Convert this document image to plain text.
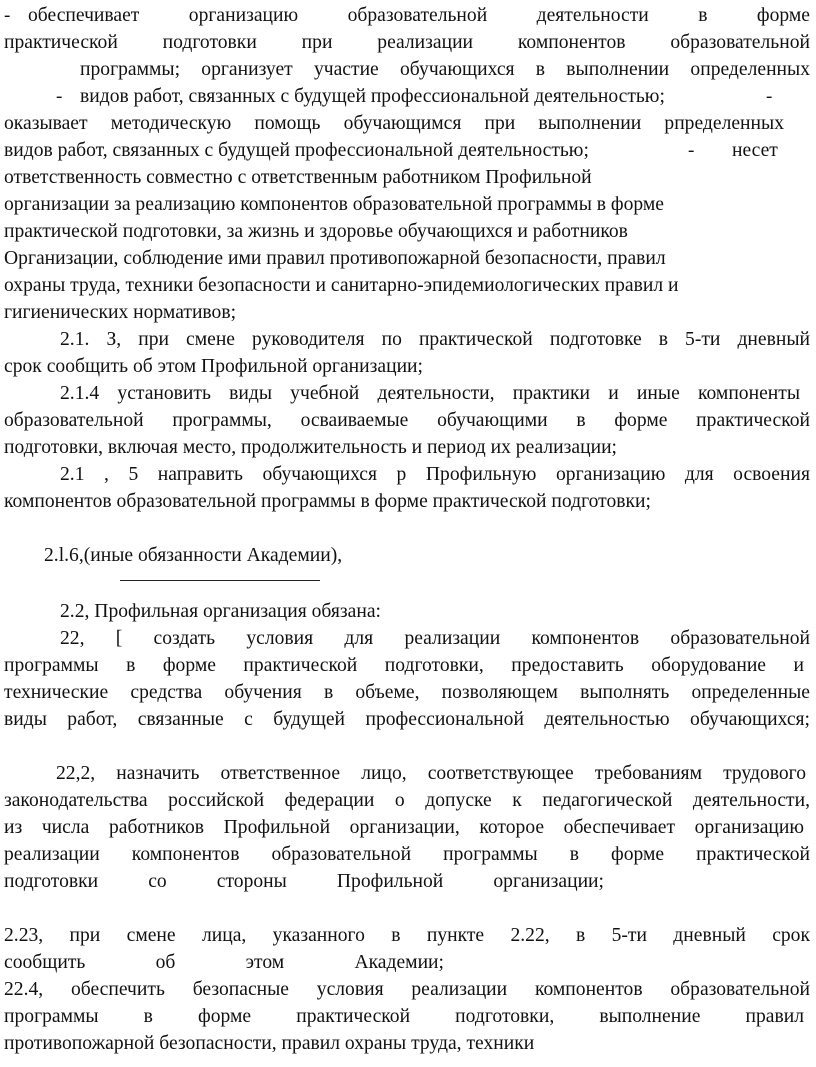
- обеспечивает организацию образовательной деятельности в форме
практической подготовки при реализации компонентов образовательной
программы; организует участие обучающихся в выполнении определенных
- видов работ, связанных с будущей профессиональной деятельностью;	-
оказывает методическую помощь обучающимся при выполнении рпределенных
видов работ, связанных с будущей профессиональной деятельностью;	- несет
ответственность совместно с ответственным работником Профильной
организации за реализацию компонентов образовательной программы в форме
практической подготовки, за жизнь и здоровье обучающихся и работников
Организации, соблюдение ими правил противопожарной безопасности, правил
охраны труда, техники безопасности и санитарно-эпидемиологических правил и
гигиенических нормативов;
2.1. З, при смене руководителя по практической подготовке в 5-ти дневный
срок сообщить об этом Профильной организации;
2.1.4 установить виды учебной деятельности, практики и иные компоненты
образовательной программы, осваиваемые обучающими в форме практической
подготовки, включая место, продолжительность и период их реализации;
2.1 , 5 направить обучающихся р Профильную организацию для освоения
компонентов образовательной программы в форме практической подготовки;
2.l.6,(иные обязанности Академии),
2.2, Профильная организация обязана:
22, [ создать условия для реализации компонентов образовательной
программы в форме практической подготовки, предоставить оборудование и
технические средства обучения в объеме, позволяющем выполнять определенные
виды работ, связанные с будущей профессиональной деятельностью обучающихся;
22,2, назначить ответственное лицо, соответствующее требованиям трудового
законодательства российской федерации о допуске к педагогической деятельности,
из числа работников Профильной организации, которое обеспечивает организацию
реализации компонентов образовательной программы в форме практической
подготовки со стороны Профильной организации;
2.23, при смене лица, указанного в пункте 2.22, в 5-ти дневный срок
сообщить об этом Академии;
22.4, обеспечить безопасные условия реализации компонентов образовательной
программы в форме практической подготовки, выполнение правил
противопожарной безопасности, правил охраны труда, техники
